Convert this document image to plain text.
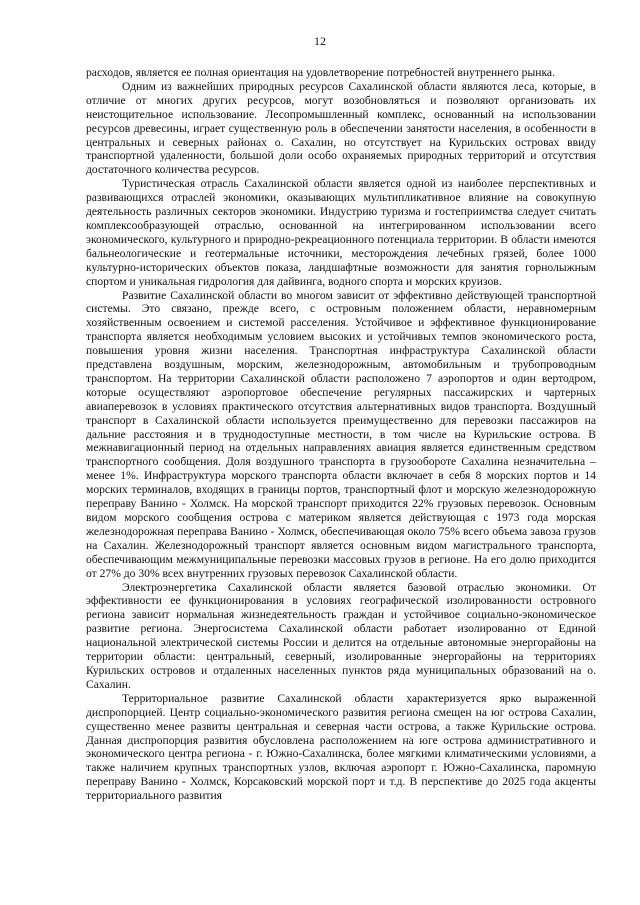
12

расходов, является ее полная ориентация на удовлетворение потребностей внутреннего рынка.

Одним из важнейших природных ресурсов Сахалинской области являются леса, которые, в отличие от многих других ресурсов, могут возобновляться и позволяют организовать их неистощительное использование. Лесопромышленный комплекс, основанный на использовании ресурсов древесины, играет существенную роль в обеспечении занятости населения, в особенности в центральных и северных районах о. Сахалин, но отсутствует на Курильских островах ввиду транспортной удаленности, большой доли особо охраняемых природных территорий и отсутствия достаточного количества ресурсов.

Туристическая отрасль Сахалинской области является одной из наиболее перспективных и развивающихся отраслей экономики, оказывающих мультипликативное влияние на совокупную деятельность различных секторов экономики. Индустрию туризма и гостеприимства следует считать комплексообразующей отраслью, основанной на интегрированном использовании всего экономического, культурного и природно-рекреационного потенциала территории. В области имеются бальнеологические и геотермальные источники, месторождения лечебных грязей, более 1000 культурно-исторических объектов показа, ландшафтные возможности для занятия горнолыжным спортом и уникальная гидрология для дайвинга, водного спорта и морских круизов.

Развитие Сахалинской области во многом зависит от эффективно действующей транспортной системы. Это связано, прежде всего, с островным положением области, неравномерным хозяйственным освоением и системой расселения. Устойчивое и эффективное функционирование транспорта является необходимым условием высоких и устойчивых темпов экономического роста, повышения уровня жизни населения. Транспортная инфраструктура Сахалинской области представлена воздушным, морским, железнодорожным, автомобильным и трубопроводным транспортом. На территории Сахалинской области расположено 7 аэропортов и один вертодром, которые осуществляют аэропортовое обеспечение регулярных пассажирских и чартерных авиаперевозок в условиях практического отсутствия альтернативных видов транспорта. Воздушный транспорт в Сахалинской области используется преимущественно для перевозки пассажиров на дальние расстояния и в труднодоступные местности, в том числе на Курильские острова. В межнавигационный период на отдельных направлениях авиация является единственным средством транспортного сообщения. Доля воздушного транспорта в грузообороте Сахалина незначительна – менее 1%. Инфраструктура морского транспорта области включает в себя 8 морских портов и 14 морских терминалов, входящих в границы портов, транспортный флот и морскую железнодорожную переправу Ванино - Холмск. На морской транспорт приходится 22% грузовых перевозок. Основным видом морского сообщения острова с материком является действующая с 1973 года морская железнодорожная переправа Ванино - Холмск, обеспечивающая около 75% всего объема завоза грузов на Сахалин. Железнодорожный транспорт является основным видом магистрального транспорта, обеспечивающим межмуниципальные перевозки массовых грузов в регионе. На его долю приходится от 27% до 30% всех внутренних грузовых перевозок Сахалинской области.

Электроэнергетика Сахалинской области является базовой отраслью экономики. От эффективности ее функционирования в условиях географической изолированности островного региона зависит нормальная жизнедеятельность граждан и устойчивое социально-экономическое развитие региона. Энергосистема Сахалинской области работает изолированно от Единой национальной электрической системы России и делится на отдельные автономные энергорайоны на территории области: центральный, северный, изолированные энергорайоны на территориях Курильских островов и отдаленных населенных пунктов ряда муниципальных образований на о. Сахалин.

Территориальное развитие Сахалинской области характеризуется ярко выраженной диспропорцией. Центр социально-экономического развития региона смещен на юг острова Сахалин, существенно менее развиты центральная и северная части острова, а также Курильские острова. Данная диспропорция развития обусловлена расположением на юге острова административного и экономического центра региона - г. Южно-Сахалинска, более мягкими климатическими условиями, а также наличием крупных транспортных узлов, включая аэропорт г. Южно-Сахалинска, паромную переправу Ванино - Холмск, Корсаковский морской порт и т.д. В перспективе до 2025 года акценты территориального развития
